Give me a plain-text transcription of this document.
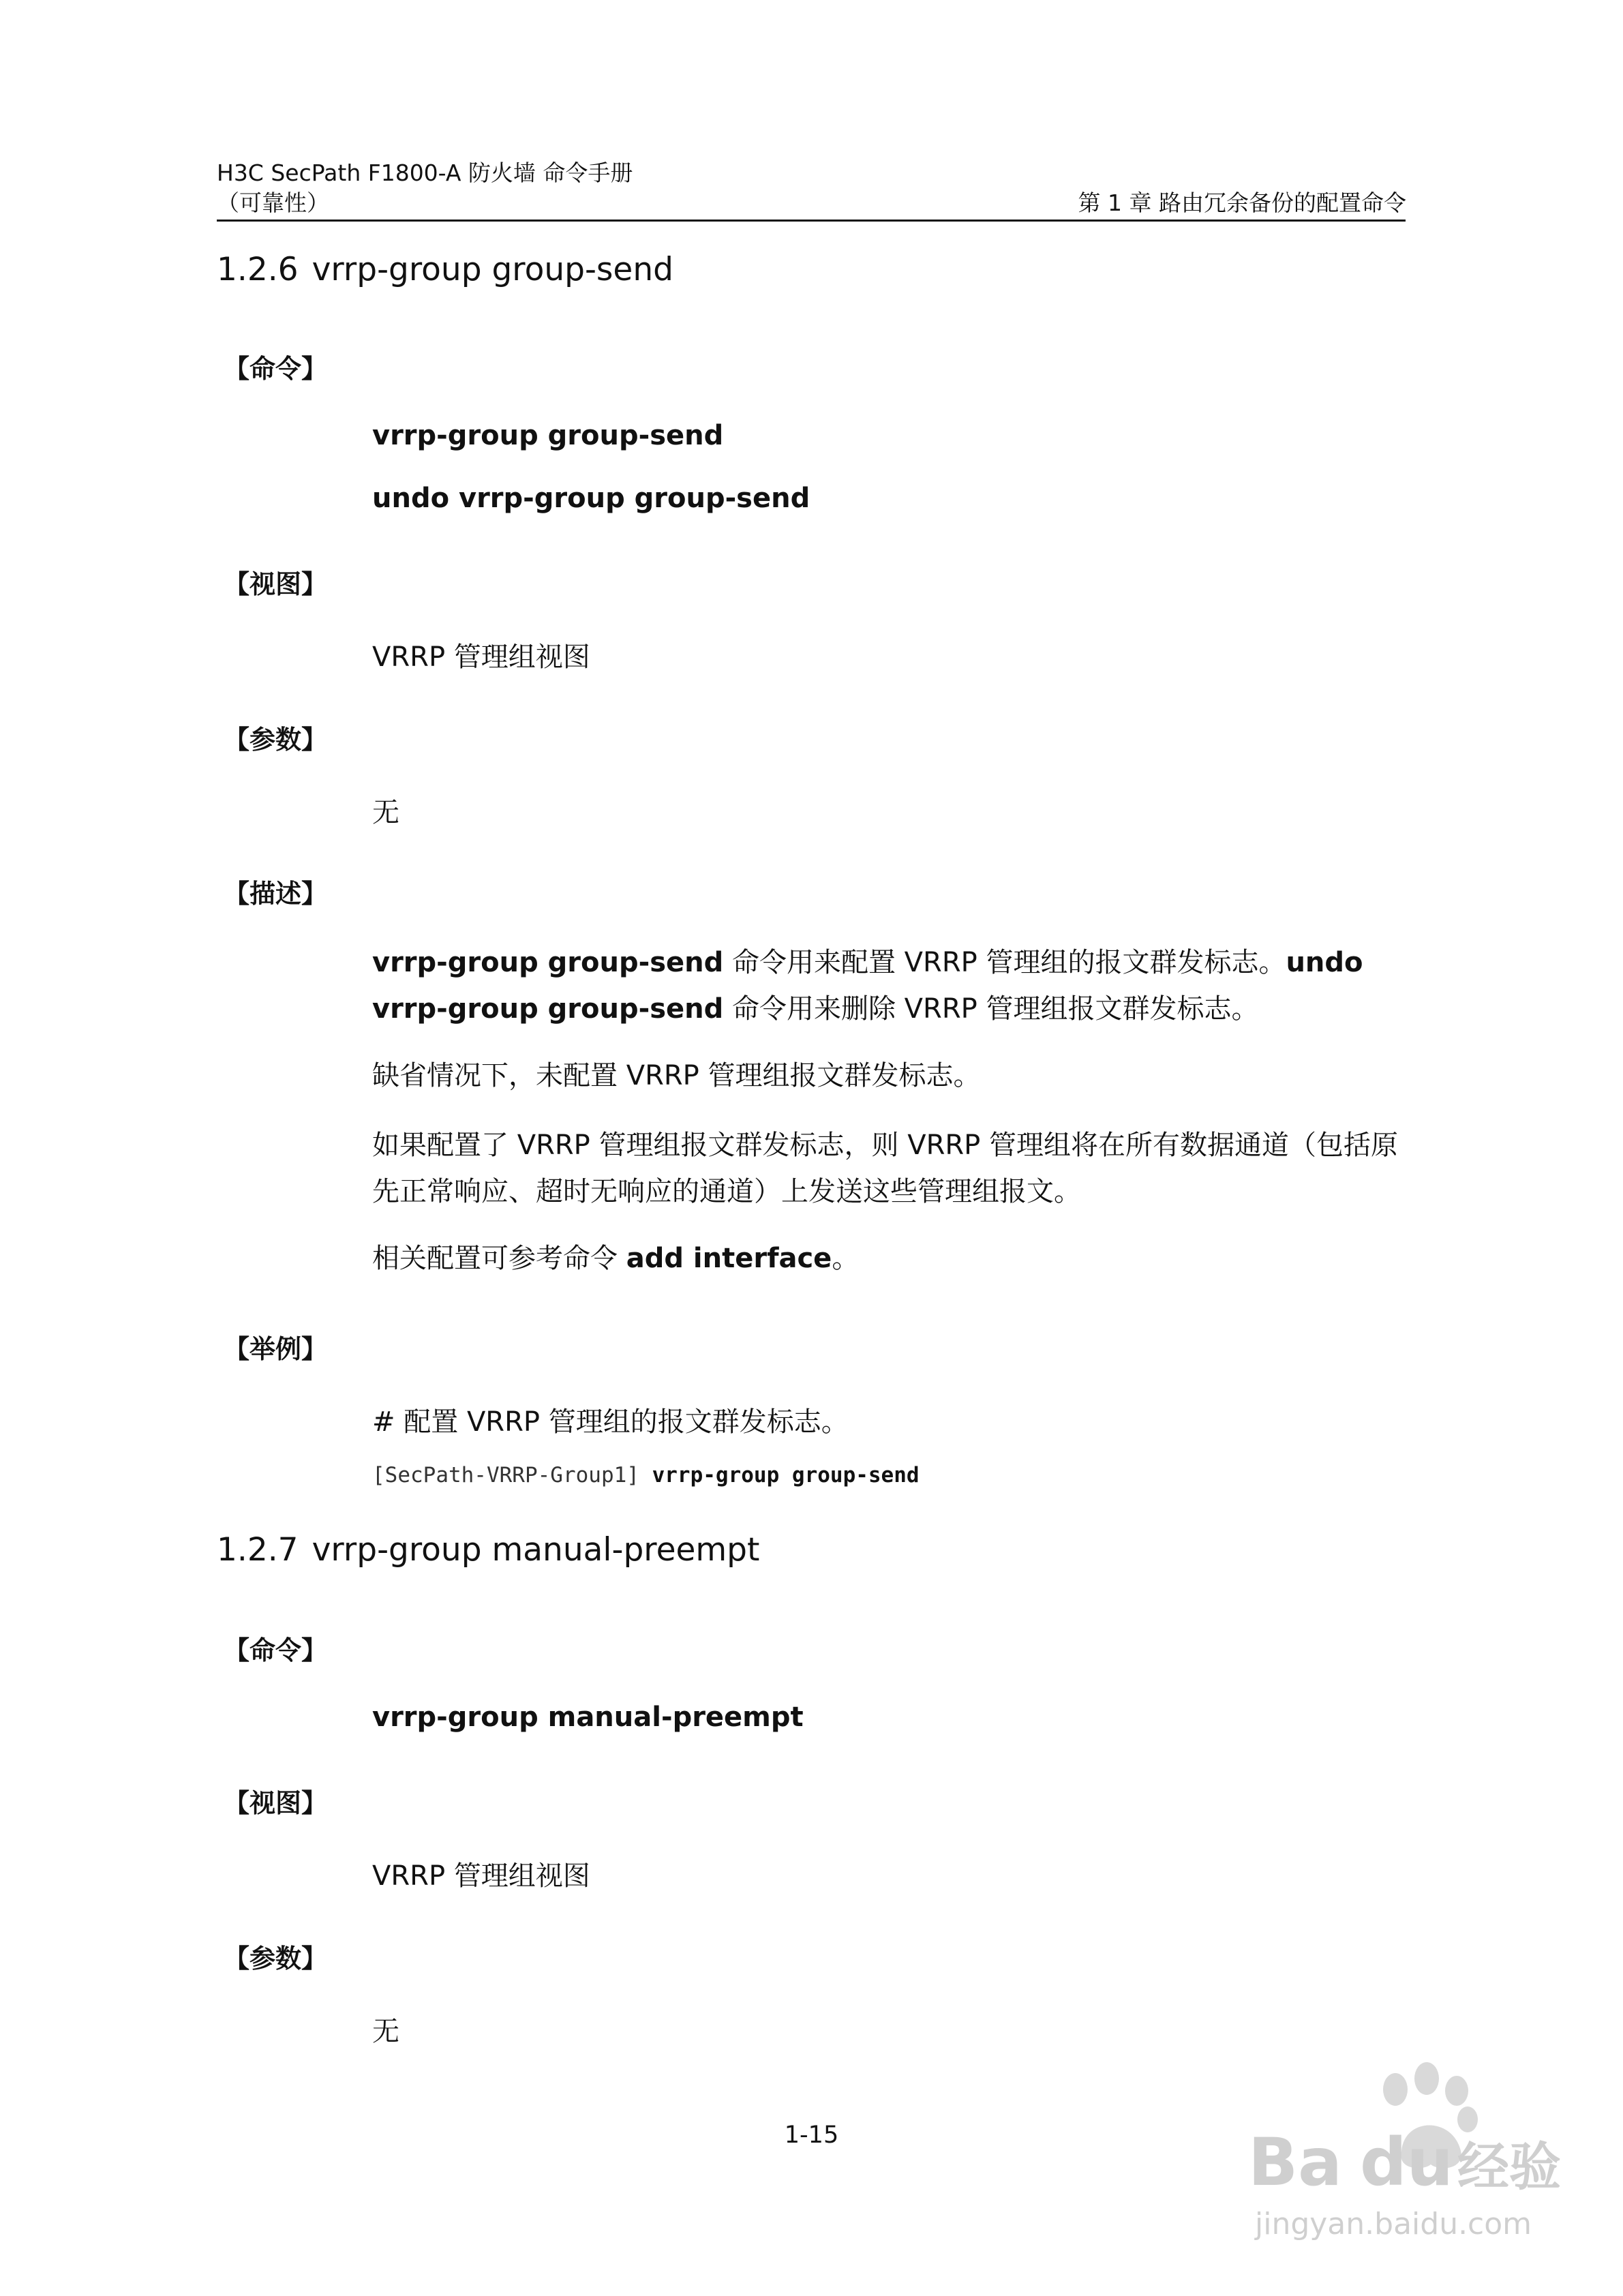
H3C SecPath F1800-A 防火墙 命令手册
（可靠性）	第 1 章 路由冗余备份的配置命令
1.2.6 vrrp-group group-send
【命令】
vrrp-group group-send
undo vrrp-group group-send
【视图】
VRRP 管理组视图
【参数】
无
【描述】
vrrp-group group-send 命令用来配置 VRRP 管理组的报文群发标志。undo vrrp-group group-send 命令用来删除 VRRP 管理组报文群发标志。
缺省情况下，未配置 VRRP 管理组报文群发标志。
如果配置了 VRRP 管理组报文群发标志，则 VRRP 管理组将在所有数据通道（包括原先正常响应、超时无响应的通道）上发送这些管理组报文。
相关配置可参考命令 add interface。
【举例】
# 配置 VRRP 管理组的报文群发标志。
[SecPath-VRRP-Group1] vrrp-group group-send
1.2.7 vrrp-group manual-preempt
【命令】
vrrp-group manual-preempt
【视图】
VRRP 管理组视图
【参数】
无
1-15	Ba du经验
jingyan.baidu.com
